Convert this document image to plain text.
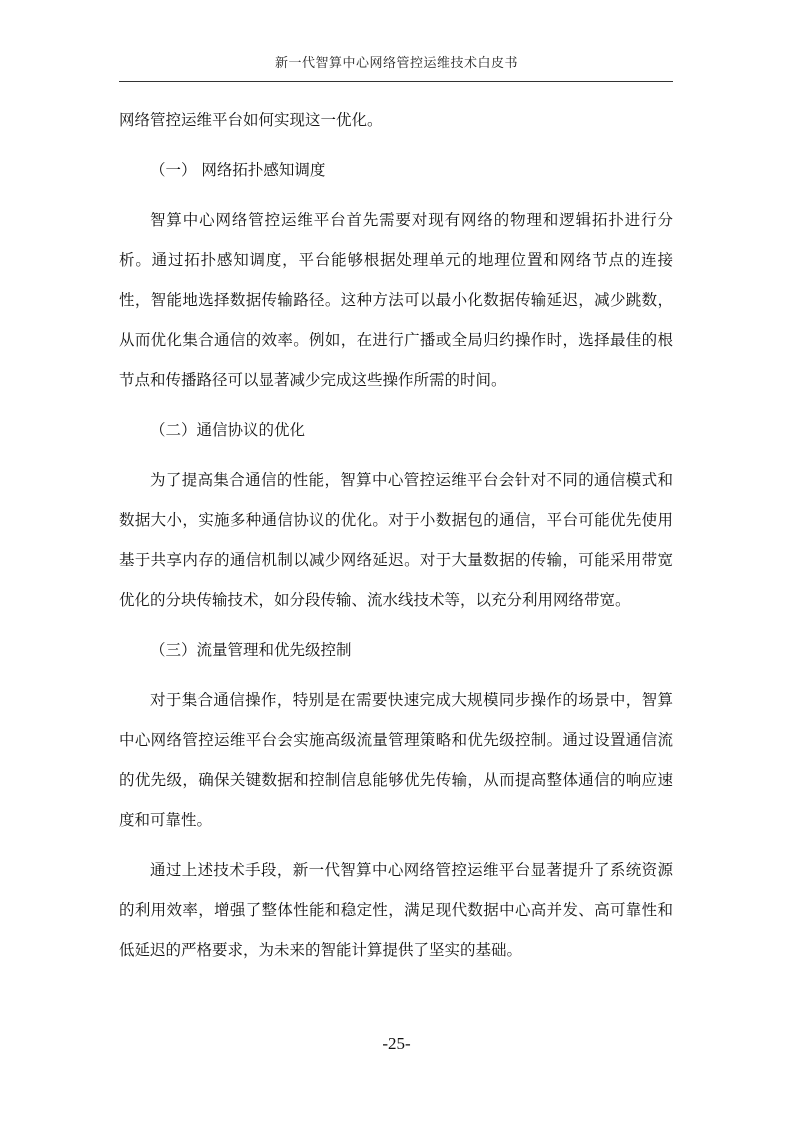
新一代智算中心网络管控运维技术白皮书

网络管控运维平台如何实现这一优化。

（一） 网络拓扑感知调度

智算中心网络管控运维平台首先需要对现有网络的物理和逻辑拓扑进行分析。通过拓扑感知调度，平台能够根据处理单元的地理位置和网络节点的连接性，智能地选择数据传输路径。这种方法可以最小化数据传输延迟，减少跳数，从而优化集合通信的效率。例如，在进行广播或全局归约操作时，选择最佳的根节点和传播路径可以显著减少完成这些操作所需的时间。

（二）通信协议的优化

为了提高集合通信的性能，智算中心管控运维平台会针对不同的通信模式和数据大小，实施多种通信协议的优化。对于小数据包的通信，平台可能优先使用基于共享内存的通信机制以减少网络延迟。对于大量数据的传输，可能采用带宽优化的分块传输技术，如分段传输、流水线技术等，以充分利用网络带宽。

（三）流量管理和优先级控制

对于集合通信操作，特别是在需要快速完成大规模同步操作的场景中，智算中心网络管控运维平台会实施高级流量管理策略和优先级控制。通过设置通信流的优先级，确保关键数据和控制信息能够优先传输，从而提高整体通信的响应速度和可靠性。

通过上述技术手段，新一代智算中心网络管控运维平台显著提升了系统资源的利用效率，增强了整体性能和稳定性，满足现代数据中心高并发、高可靠性和低延迟的严格要求，为未来的智能计算提供了坚实的基础。

-25-
